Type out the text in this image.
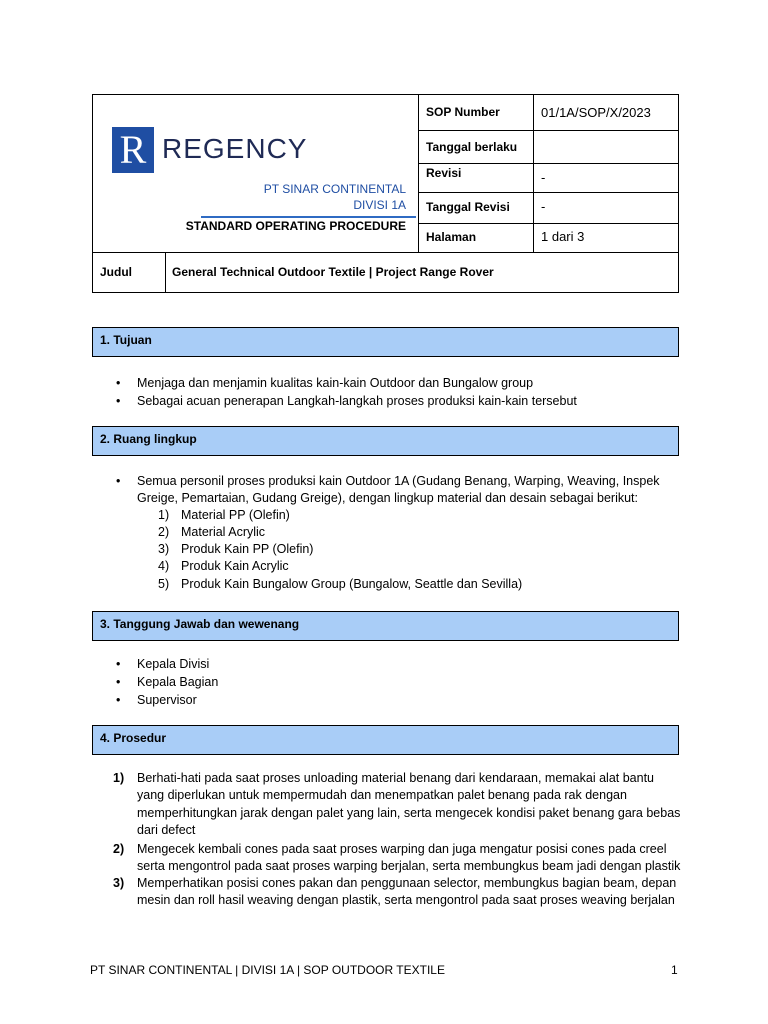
R REGENCY
PT SINAR CONTINENTAL
DIVISI 1A
STANDARD OPERATING PROCEDURE
SOP Number	01/1A/SOP/X/2023
Tanggal berlaku
Revisi	-
Tanggal Revisi -
Halaman	1 dari 3
Judul	General Technical Outdoor Textile | Project Range Rover
1. Tujuan
• Menjaga dan menjamin kualitas kain-kain Outdoor dan Bungalow group
• Sebagai acuan penerapan Langkah-langkah proses produksi kain-kain tersebut
2. Ruang lingkup
• Semua personil proses produksi kain Outdoor 1A (Gudang Benang, Warping, Weaving, Inspek
Greige, Pemartaian, Gudang Greige), dengan lingkup material dan desain sebagai berikut:
1) Material PP (Olefin)
2) Material Acrylic
3) Produk Kain PP (Olefin)
4) Produk Kain Acrylic
5) Produk Kain Bungalow Group (Bungalow, Seattle dan Sevilla)
3. Tanggung Jawab dan wewenang
• Kepala Divisi
• Kepala Bagian
• Supervisor
4. Prosedur
1) Berhati-hati pada saat proses unloading material benang dari kendaraan, memakai alat bantu
yang diperlukan untuk mempermudah dan menempatkan palet benang pada rak dengan
memperhitungkan jarak dengan palet yang lain, serta mengecek kondisi paket benang gara bebas
dari defect
2) Mengecek kembali cones pada saat proses warping dan juga mengatur posisi cones pada creel
serta mengontrol pada saat proses warping berjalan, serta membungkus beam jadi dengan plastik
3) Memperhatikan posisi cones pakan dan penggunaan selector, membungkus bagian beam, depan
mesin dan roll hasil weaving dengan plastik, serta mengontrol pada saat proses weaving berjalan
PT SINAR CONTINENTAL | DIVISI 1A | SOP OUTDOOR TEXTILE	1
